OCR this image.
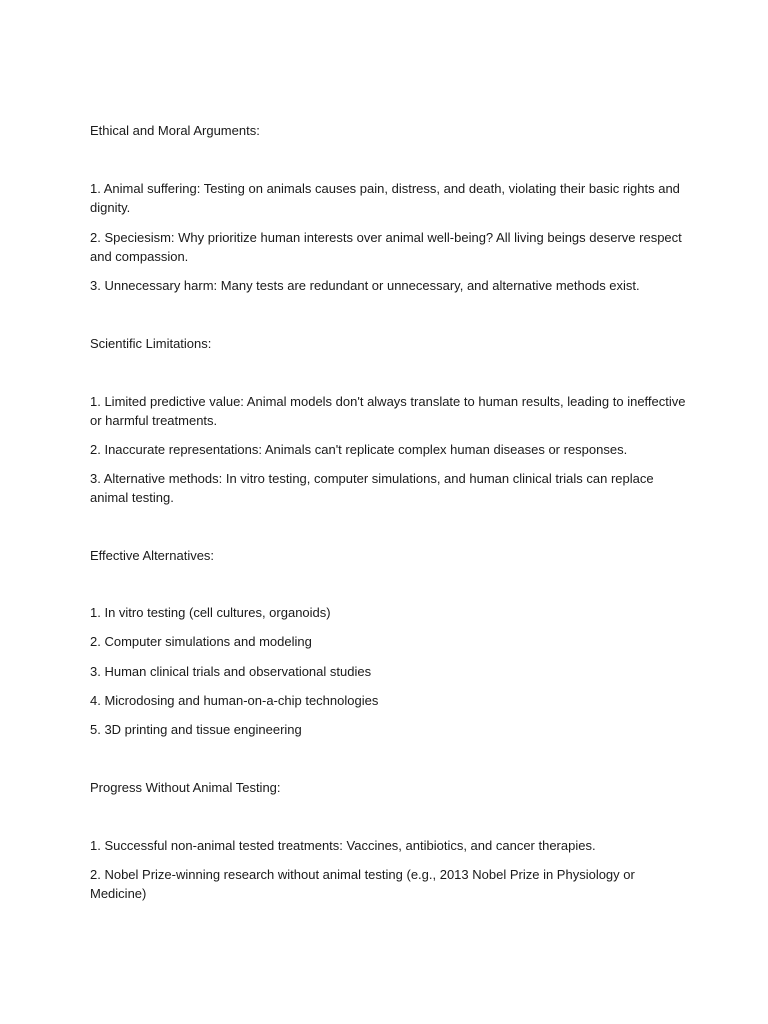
Ethical and Moral Arguments:

1. Animal suffering: Testing on animals causes pain, distress, and death, violating their basic rights and dignity.

2. Speciesism: Why prioritize human interests over animal well-being? All living beings deserve respect and compassion.

3. Unnecessary harm: Many tests are redundant or unnecessary, and alternative methods exist.

Scientific Limitations:

1. Limited predictive value: Animal models don't always translate to human results, leading to ineffective or harmful treatments.

2. Inaccurate representations: Animals can't replicate complex human diseases or responses.

3. Alternative methods: In vitro testing, computer simulations, and human clinical trials can replace animal testing.

Effective Alternatives:

1. In vitro testing (cell cultures, organoids)

2. Computer simulations and modeling

3. Human clinical trials and observational studies

4. Microdosing and human-on-a-chip technologies

5. 3D printing and tissue engineering

Progress Without Animal Testing:

1. Successful non-animal tested treatments: Vaccines, antibiotics, and cancer therapies.

2. Nobel Prize-winning research without animal testing (e.g., 2013 Nobel Prize in Physiology or Medicine)
